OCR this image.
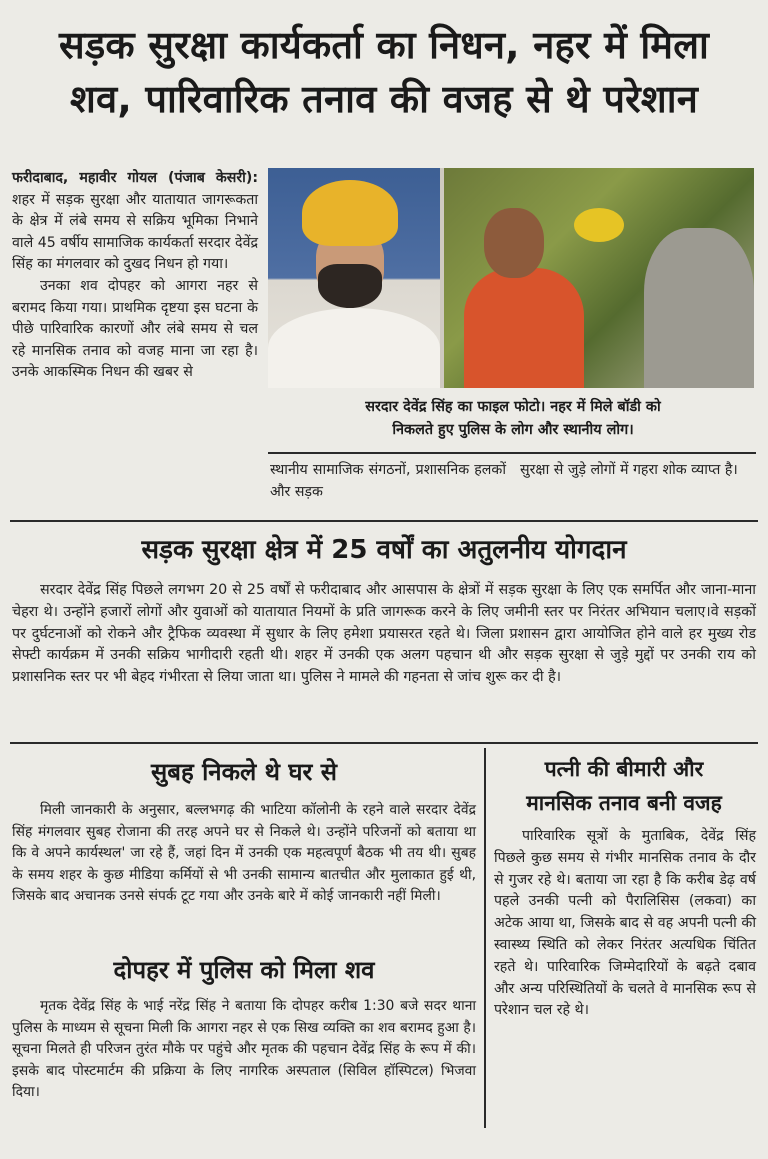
सड़क सुरक्षा कार्यकर्ता का निधन, नहर में मिला
शव, पारिवारिक तनाव की वजह से थे परेशान

फरीदाबाद, महावीर गोयल (पंजाब केसरी): शहर में सड़क सुरक्षा और यातायात जागरूकता के क्षेत्र में लंबे समय से सक्रिय भूमिका निभाने वाले 45 वर्षीय सामाजिक कार्यकर्ता सरदार देवेंद्र सिंह का मंगलवार को दुखद निधन हो गया।

उनका शव दोपहर को आगरा नहर से बरामद किया गया। प्राथमिक दृष्टया इस घटना के पीछे पारिवारिक कारणों और लंबे समय से चल रहे मानसिक तनाव को वजह माना जा रहा है। उनके आकस्मिक निधन की खबर से

सरदार देवेंद्र सिंह का फाइल फोटो। नहर में मिले बॉडी को
निकलते हुए पुलिस के लोग और स्थानीय लोग।
स्थानीय सामाजिक संगठनों, प्रशासनिक हलकों और सड़क
सुरक्षा से जुड़े लोगों में गहरा शोक व्याप्त है।
सड़क सुरक्षा क्षेत्र में 25 वर्षों का अतुलनीय योगदान

सरदार देवेंद्र सिंह पिछले लगभग 20 से 25 वर्षों से फरीदाबाद और आसपास के क्षेत्रों में सड़क सुरक्षा के लिए एक समर्पित और जाना-माना चेहरा थे। उन्होंने हजारों लोगों और युवाओं को यातायात नियमों के प्रति जागरूक करने के लिए जमीनी स्तर पर निरंतर अभियान चलाए।वे सड़कों पर दुर्घटनाओं को रोकने और ट्रैफिक व्यवस्था में सुधार के लिए हमेशा प्रयासरत रहते थे। जिला प्रशासन द्वारा आयोजित होने वाले हर मुख्य रोड सेफ्टी कार्यक्रम में उनकी सक्रिय भागीदारी रहती थी। शहर में उनकी एक अलग पहचान थी और सड़क सुरक्षा से जुड़े मुद्दों पर उनकी राय को प्रशासनिक स्तर पर भी बेहद गंभीरता से लिया जाता था। पुलिस ने मामले की गहनता से जांच शुरू कर दी है।

सुबह निकले थे घर से

मिली जानकारी के अनुसार, बल्लभगढ़ की भाटिया कॉलोनी के रहने वाले सरदार देवेंद्र सिंह मंगलवार सुबह रोजाना की तरह अपने घर से निकले थे। उन्होंने परिजनों को बताया था कि वे अपने कार्यस्थल' जा रहे हैं, जहां दिन में उनकी एक महत्वपूर्ण बैठक भी तय थी। सुबह के समय शहर के कुछ मीडिया कर्मियों से भी उनकी सामान्य बातचीत और मुलाकात हुई थी, जिसके बाद अचानक उनसे संपर्क टूट गया और उनके बारे में कोई जानकारी नहीं मिली।

दोपहर में पुलिस को मिला शव

मृतक देवेंद्र सिंह के भाई नरेंद्र सिंह ने बताया कि दोपहर करीब 1:30 बजे सदर थाना पुलिस के माध्यम से सूचना मिली कि आगरा नहर से एक सिख व्यक्ति का शव बरामद हुआ है। सूचना मिलते ही परिजन तुरंत मौके पर पहुंचे और मृतक की पहचान देवेंद्र सिंह के रूप में की। इसके बाद पोस्टमार्टम की प्रक्रिया के लिए नागरिक अस्पताल (सिविल हॉस्पिटल) भिजवा दिया।

पत्नी की बीमारी और
मानसिक तनाव बनी वजह

पारिवारिक सूत्रों के मुताबिक, देवेंद्र सिंह पिछले कुछ समय से गंभीर मानसिक तनाव के दौर से गुजर रहे थे। बताया जा रहा है कि करीब डेढ़ वर्ष पहले उनकी पत्नी को पैरालिसिस (लकवा) का अटेक आया था, जिसके बाद से वह अपनी पत्नी की स्वास्थ्य स्थिति को लेकर निरंतर अत्यधिक चिंतित रहते थे। पारिवारिक जिम्मेदारियों के बढ़ते दबाव और अन्य परिस्थितियों के चलते वे मानसिक रूप से परेशान चल रहे थे।
